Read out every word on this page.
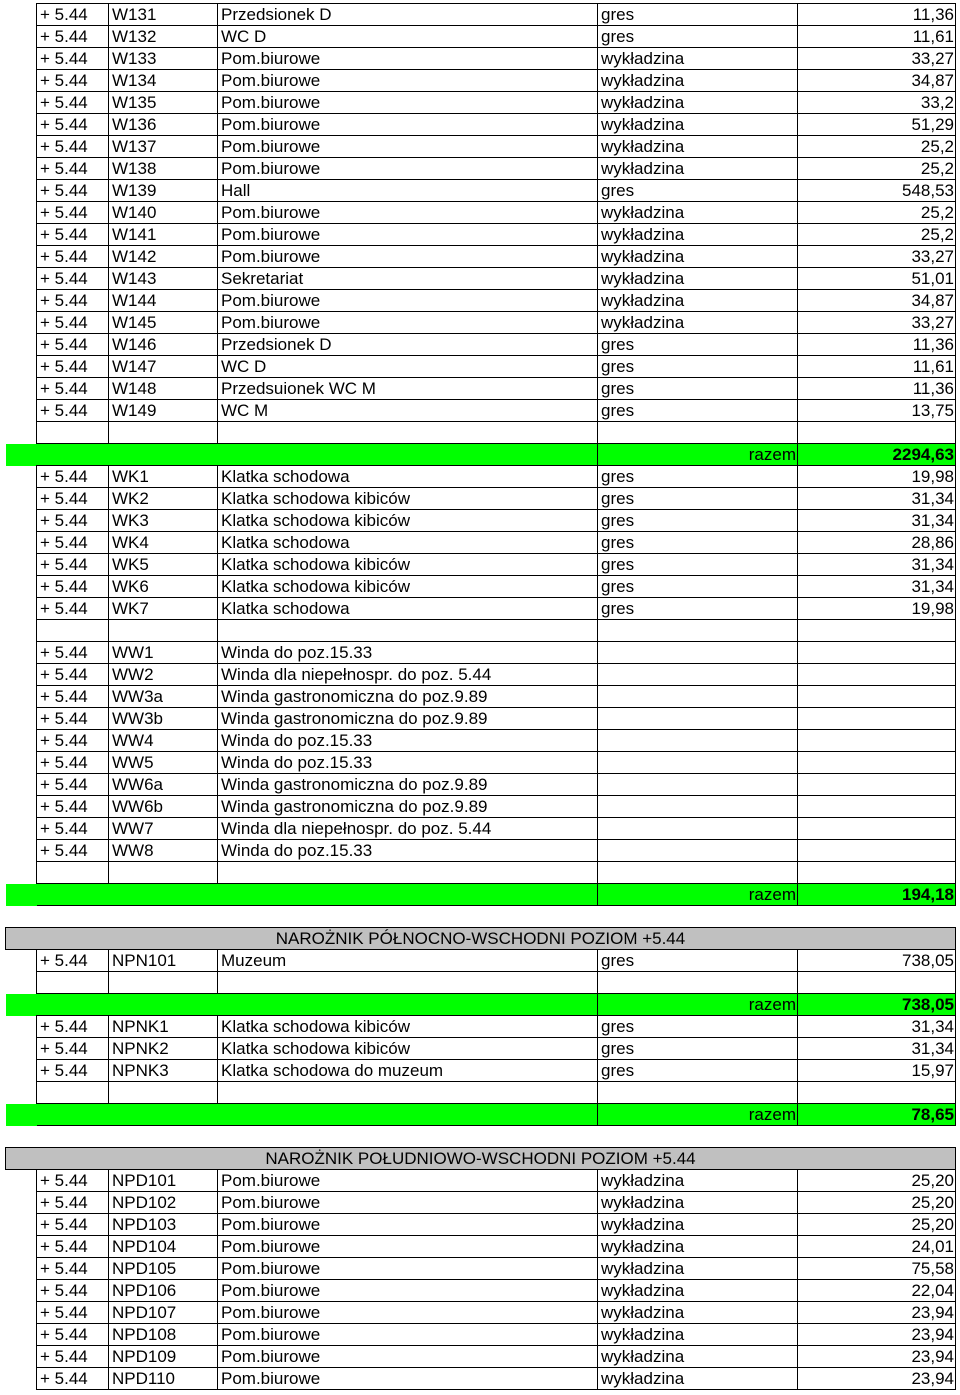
	+ 5.44	W131	Przedsionek D	gres	11,36
	+ 5.44	W132	WC D	gres	11,61
	+ 5.44	W133	Pom.biurowe	wykładzina	33,27
	+ 5.44	W134	Pom.biurowe	wykładzina	34,87
	+ 5.44	W135	Pom.biurowe	wykładzina	33,2
	+ 5.44	W136	Pom.biurowe	wykładzina	51,29
	+ 5.44	W137	Pom.biurowe	wykładzina	25,2
	+ 5.44	W138	Pom.biurowe	wykładzina	25,2
	+ 5.44	W139	Hall	gres	548,53
	+ 5.44	W140	Pom.biurowe	wykładzina	25,2
	+ 5.44	W141	Pom.biurowe	wykładzina	25,2
	+ 5.44	W142	Pom.biurowe	wykładzina	33,27
	+ 5.44	W143	Sekretariat	wykładzina	51,01
	+ 5.44	W144	Pom.biurowe	wykładzina	34,87
	+ 5.44	W145	Pom.biurowe	wykładzina	33,27
	+ 5.44	W146	Przedsionek D	gres	11,36
	+ 5.44	W147	WC D	gres	11,61
	+ 5.44	W148	Przedsuionek WC M	gres	11,36
	+ 5.44	W149	WC M	gres	13,75

				razem	2294,63
	+ 5.44	WK1	Klatka schodowa	gres	19,98
	+ 5.44	WK2	Klatka schodowa kibiców	gres	31,34
	+ 5.44	WK3	Klatka schodowa kibiców	gres	31,34
	+ 5.44	WK4	Klatka schodowa	gres	28,86
	+ 5.44	WK5	Klatka schodowa kibiców	gres	31,34
	+ 5.44	WK6	Klatka schodowa kibiców	gres	31,34
	+ 5.44	WK7	Klatka schodowa	gres	19,98

	+ 5.44	WW1	Winda do poz.15.33		
	+ 5.44	WW2	Winda dla niepełnospr. do poz. 5.44		
	+ 5.44	WW3a	Winda gastronomiczna do poz.9.89		
	+ 5.44	WW3b	Winda gastronomiczna do poz.9.89		
	+ 5.44	WW4	Winda do poz.15.33		
	+ 5.44	WW5	Winda do poz.15.33		
	+ 5.44	WW6a	Winda gastronomiczna do poz.9.89		
	+ 5.44	WW6b	Winda gastronomiczna do poz.9.89		
	+ 5.44	WW7	Winda dla niepełnospr. do poz. 5.44		
	+ 5.44	WW8	Winda do poz.15.33		

				razem	194,18

NAROŻNIK PÓŁNOCNO-WSCHODNI POZIOM +5.44					
	+ 5.44	NPN101	Muzeum	gres	738,05

				razem	738,05
	+ 5.44	NPNK1	Klatka schodowa kibiców	gres	31,34
	+ 5.44	NPNK2	Klatka schodowa kibiców	gres	31,34
	+ 5.44	NPNK3	Klatka schodowa do muzeum	gres	15,97

				razem	78,65

NAROŻNIK POŁUDNIOWO-WSCHODNI POZIOM +5.44					
	+ 5.44	NPD101	Pom.biurowe	wykładzina	25,20
	+ 5.44	NPD102	Pom.biurowe	wykładzina	25,20
	+ 5.44	NPD103	Pom.biurowe	wykładzina	25,20
	+ 5.44	NPD104	Pom.biurowe	wykładzina	24,01
	+ 5.44	NPD105	Pom.biurowe	wykładzina	75,58
	+ 5.44	NPD106	Pom.biurowe	wykładzina	22,04
	+ 5.44	NPD107	Pom.biurowe	wykładzina	23,94
	+ 5.44	NPD108	Pom.biurowe	wykładzina	23,94
	+ 5.44	NPD109	Pom.biurowe	wykładzina	23,94
	+ 5.44	NPD110	Pom.biurowe	wykładzina	23,94
